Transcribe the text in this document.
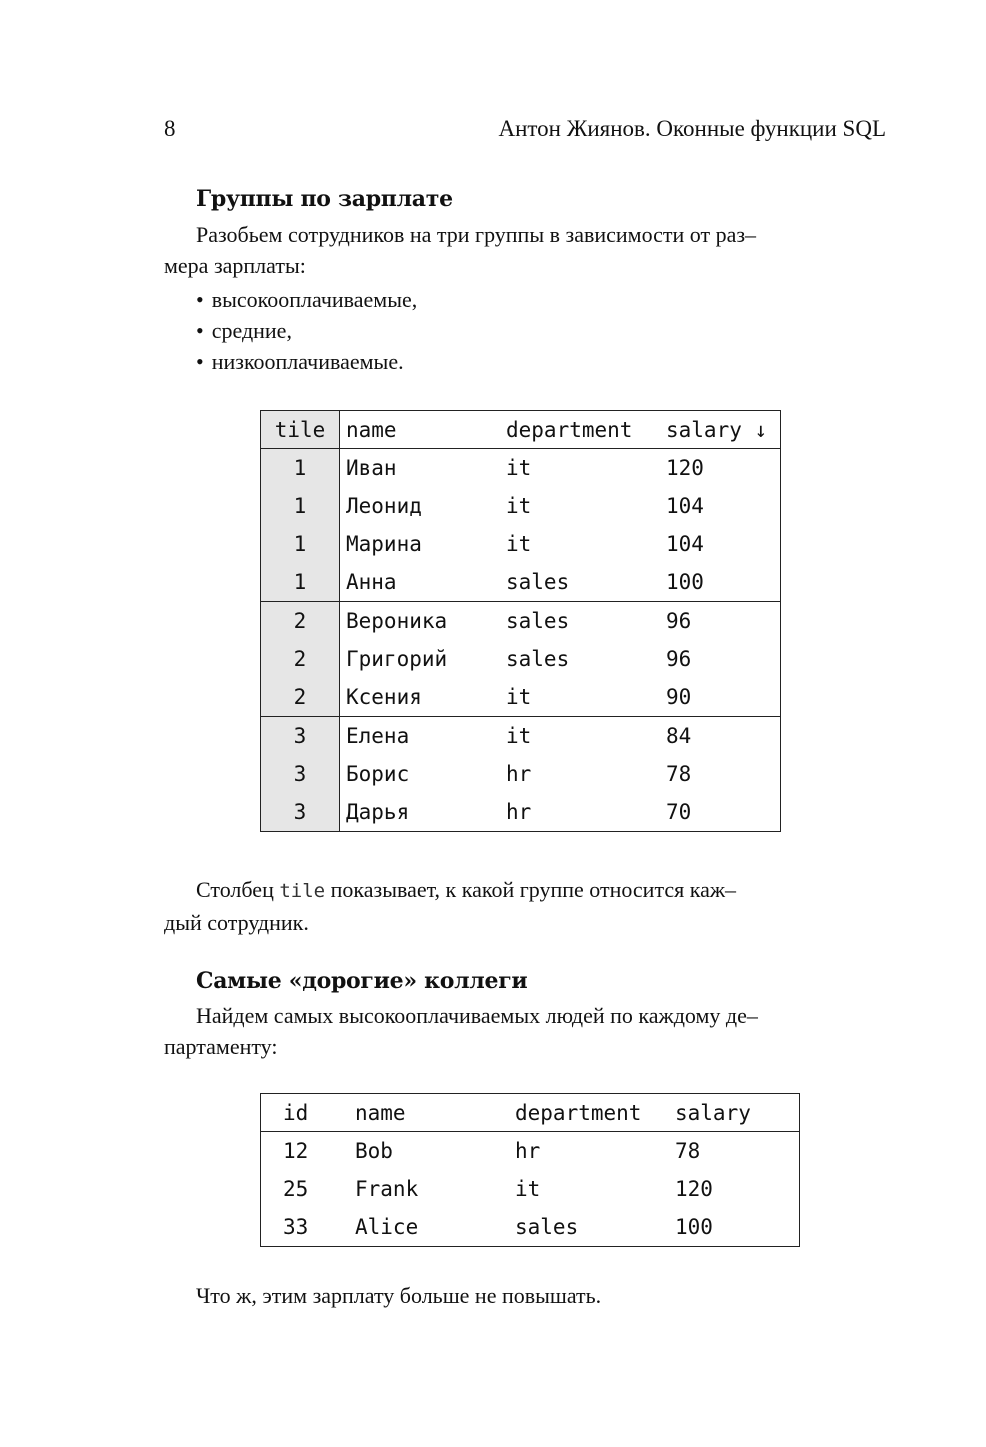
8	Антон Жиянов. Оконные функции SQL
Группы по зарплате
Разобьем сотрудников на три группы в зависимости от раз–
мера зарплаты:
• высокооплачиваемые,
• средние,
• низкооплачиваемые.
tile	name	department	salary ↓
1	Иван	it	120
1	Леонид	it	104
1	Марина	it	104
1	Анна	sales	100
2	Вероника	sales	96
2	Григорий	sales	96
2	Ксения	it	90
3	Елена	it	84
3	Борис	hr	78
3	Дарья	hr	70
Столбец tile показывает, к какой группе относится каж–
дый сотрудник.
Самые «дорогие» коллеги
Найдем самых высокооплачиваемых людей по каждому де–
партаменту:
id	name	department	salary
12	Bob	hr	78
25	Frank	it	120
33	Alice	sales	100
Что ж, этим зарплату больше не повышать.
